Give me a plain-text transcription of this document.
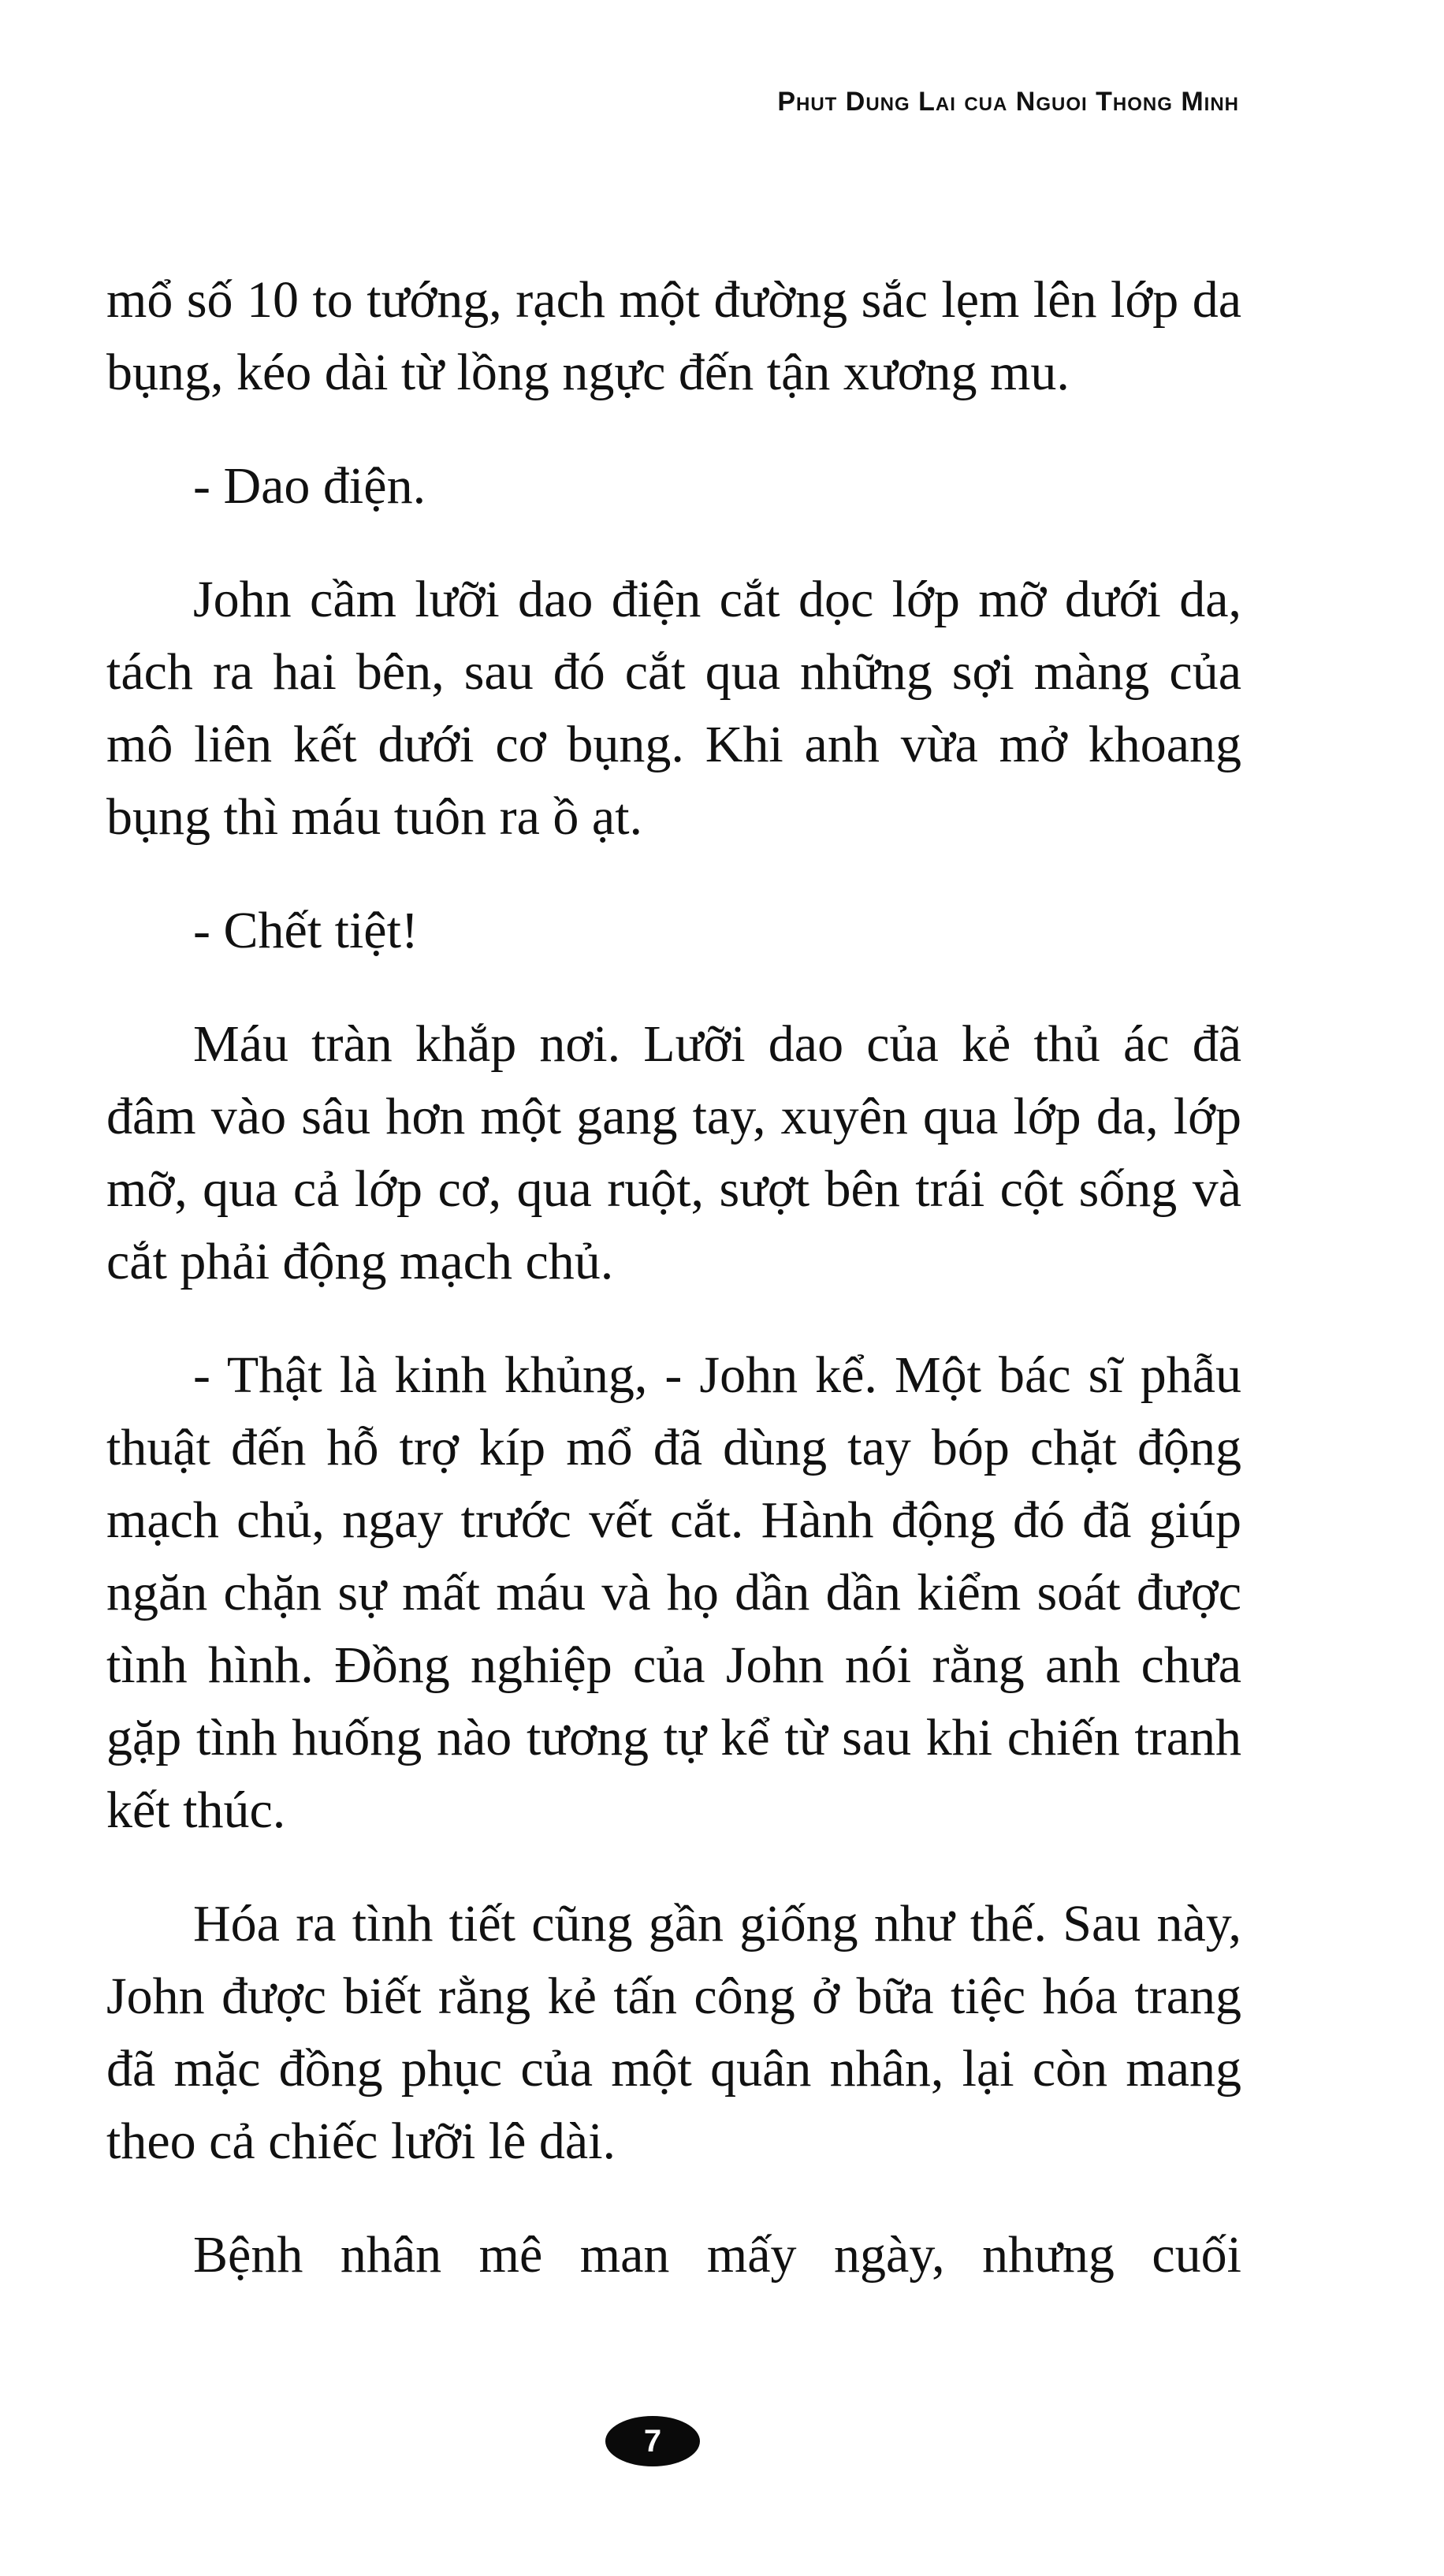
Phut Dung Lai cua Nguoi Thong Minh

mổ số 10 to tướng, rạch một đường sắc lẹm lên lớp da bụng, kéo dài từ lồng ngực đến tận xương mu.

- Dao điện.

John cầm lưỡi dao điện cắt dọc lớp mỡ dưới da, tách ra hai bên, sau đó cắt qua những sợi màng của mô liên kết dưới cơ bụng. Khi anh vừa mở khoang bụng thì máu tuôn ra ồ ạt.

- Chết tiệt!

Máu tràn khắp nơi. Lưỡi dao của kẻ thủ ác đã đâm vào sâu hơn một gang tay, xuyên qua lớp da, lớp mỡ, qua cả lớp cơ, qua ruột, sượt bên trái cột sống và cắt phải động mạch chủ.

- Thật là kinh khủng, - John kể. Một bác sĩ phẫu thuật đến hỗ trợ kíp mổ đã dùng tay bóp chặt động mạch chủ, ngay trước vết cắt. Hành động đó đã giúp ngăn chặn sự mất máu và họ dần dần kiểm soát được tình hình. Đồng nghiệp của John nói rằng anh chưa gặp tình huống nào tương tự kể từ sau khi chiến tranh kết thúc.

Hóa ra tình tiết cũng gần giống như thế. Sau này, John được biết rằng kẻ tấn công ở bữa tiệc hóa trang đã mặc đồng phục của một quân nhân, lại còn mang theo cả chiếc lưỡi lê dài.

Bệnh nhân mê man mấy ngày, nhưng cuối

7
